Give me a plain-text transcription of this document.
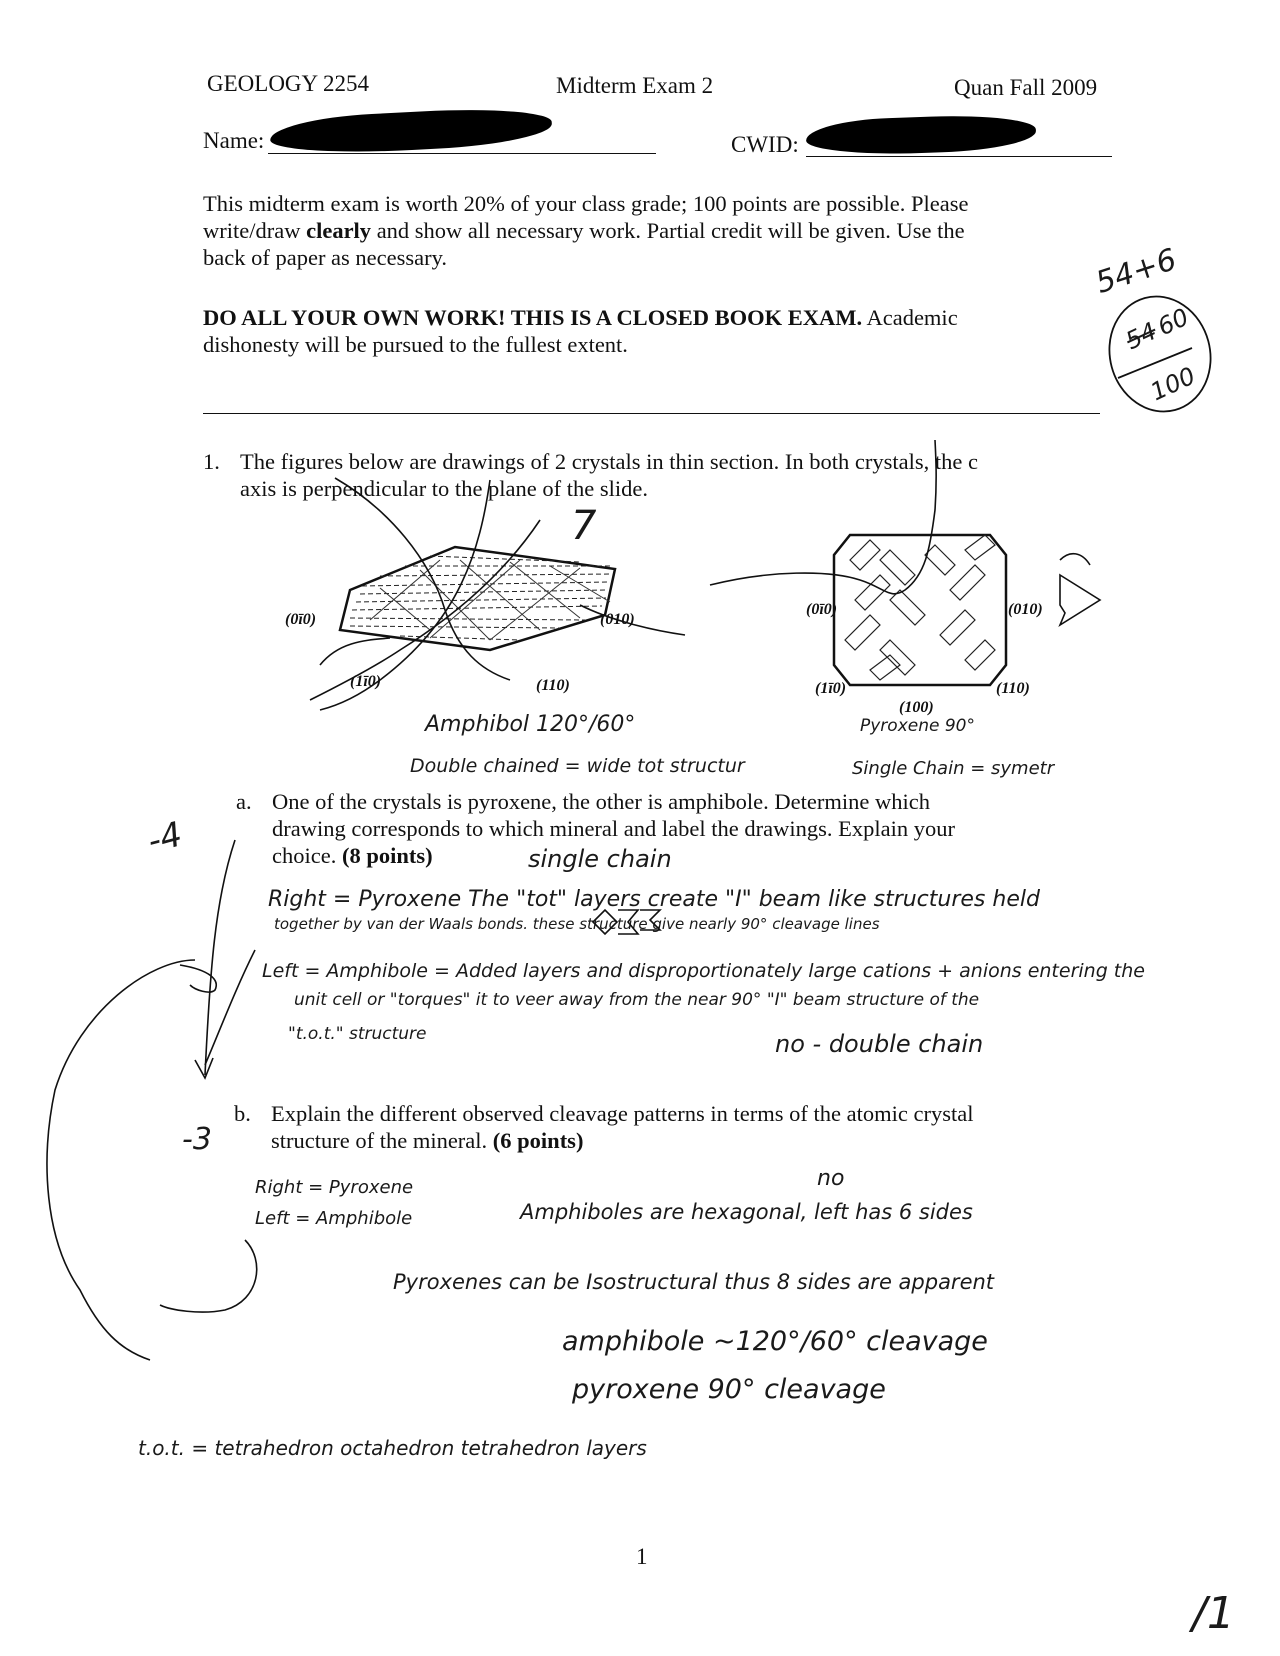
GEOLOGY 2254	Midterm Exam 2	Quan Fall 2009
Name:	CWID:
This midterm exam is worth 20% of your class grade; 100 points are possible. Please
write/draw clearly and show all necessary work. Partial credit will be given. Use the
back of paper as necessary.
DO ALL YOUR OWN WORK! THIS IS A CLOSED BOOK EXAM. Academic
dishonesty will be pursued to the fullest extent.
54+6
54
60
100
1. The figures below are drawings of 2 crystals in thin section. In both crystals, the c
axis is perpendicular to the plane of the slide.
(0ī0)	(010)
(1ī0)	(110)
7
Amphibol 120°/60°
(0ī0)	(010)
(1ī0)	(110)
(100)
Pyroxene 90°
Double chained = wide tot structur	Single Chain = symetr
a. One of the crystals is pyroxene, the other is amphibole. Determine which
drawing corresponds to which mineral and label the drawings. Explain your
choice. (8 points)
-4	single chain
Right = Pyroxene The "tot" layers create "I" beam like structures held
together by van der Waals bonds. these structure give nearly 90° cleavage lines
Left = Amphibole = Added layers and disproportionately large cations + anions entering the
unit cell or "torques" it to veer away from the near 90° "I" beam structure of the
"t.o.t." structure	no - double chain
b. Explain the different observed cleavage patterns in terms of the atomic crystal
structure of the mineral. (6 points)
-3
Right = Pyroxene
Left = Amphibole
no
Amphiboles are hexagonal, left has 6 sides
Pyroxenes can be Isostructural thus 8 sides are apparent
amphibole ~120°/60° cleavage
pyroxene 90° cleavage
t.o.t. = tetrahedron octahedron tetrahedron layers
1
/1
